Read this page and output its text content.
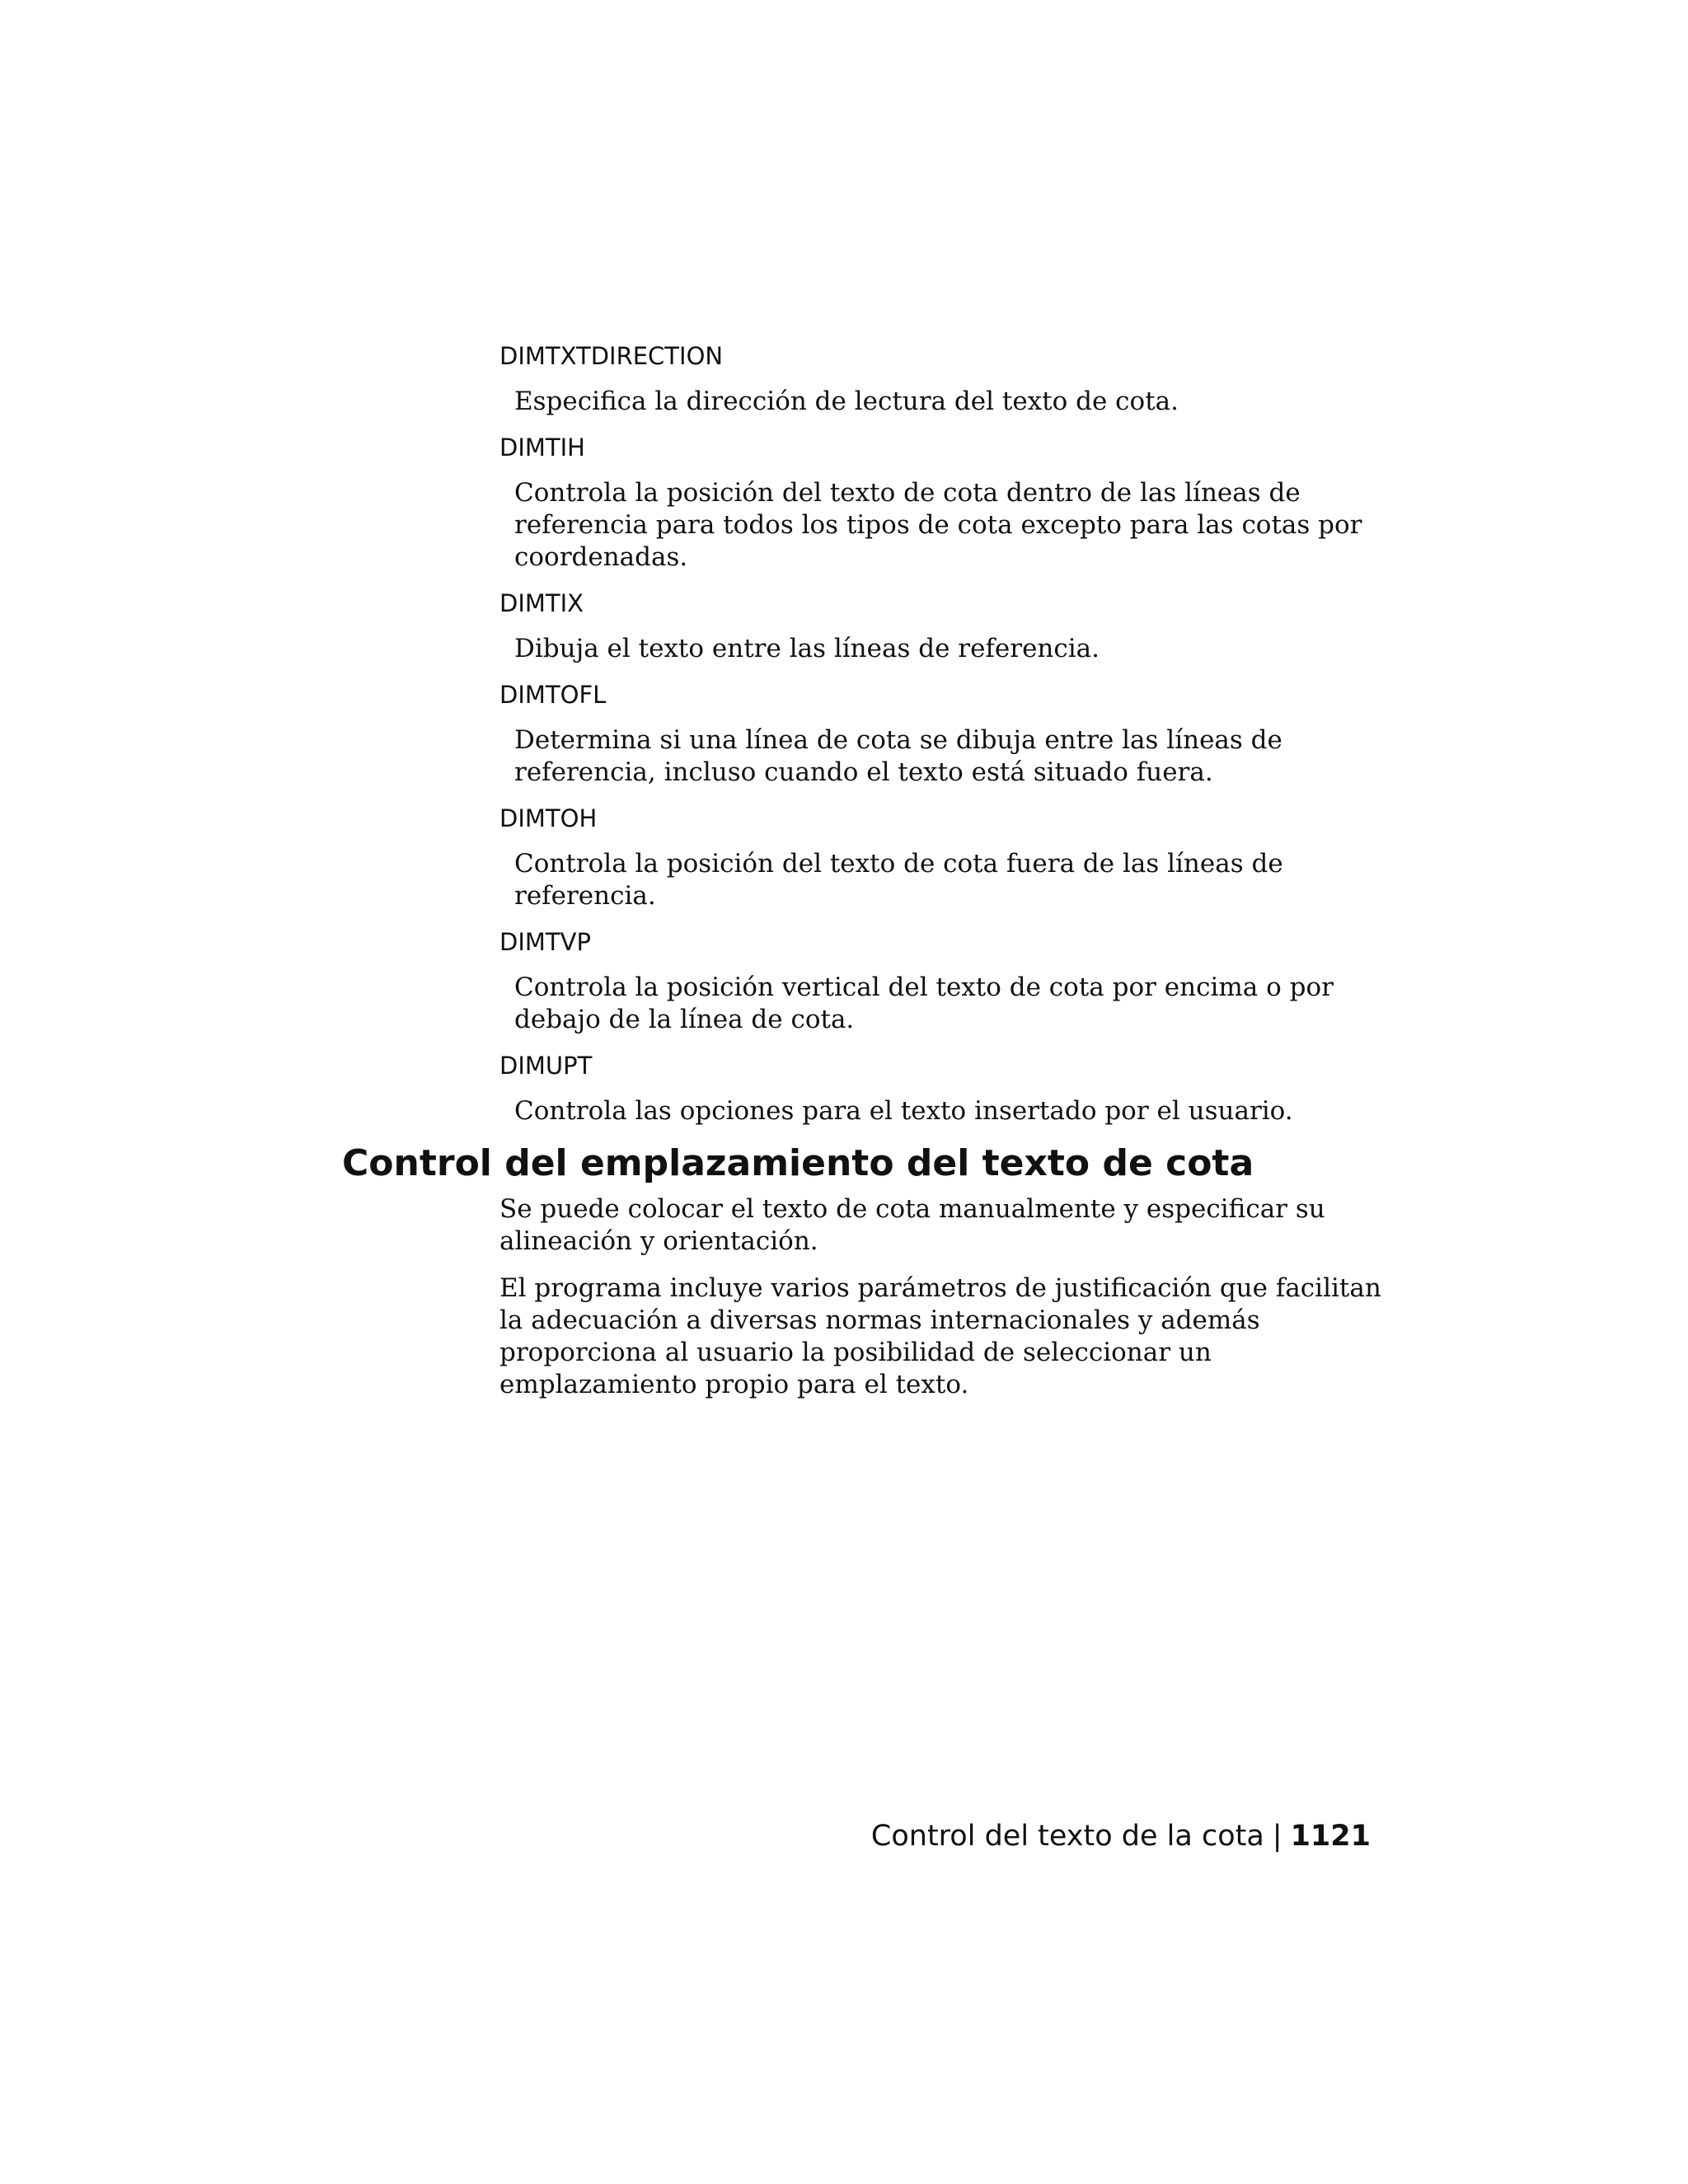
DIMTXTDIRECTION

Especifica la dirección de lectura del texto de cota.

DIMTIH

Controla la posición del texto de cota dentro de las líneas de referencia para todos los tipos de cota excepto para las cotas por coordenadas.

DIMTIX

Dibuja el texto entre las líneas de referencia.

DIMTOFL

Determina si una línea de cota se dibuja entre las líneas de referencia, incluso cuando el texto está situado fuera.

DIMTOH

Controla la posición del texto de cota fuera de las líneas de referencia.

DIMTVP

Controla la posición vertical del texto de cota por encima o por debajo de la línea de cota.

DIMUPT

Controla las opciones para el texto insertado por el usuario.

Control del emplazamiento del texto de cota

Se puede colocar el texto de cota manualmente y especificar su alineación y orientación.

El programa incluye varios parámetros de justificación que facilitan la adecuación a diversas normas internacionales y además proporciona al usuario la posibilidad de seleccionar un emplazamiento propio para el texto.

Control del texto de la cota | 1121
